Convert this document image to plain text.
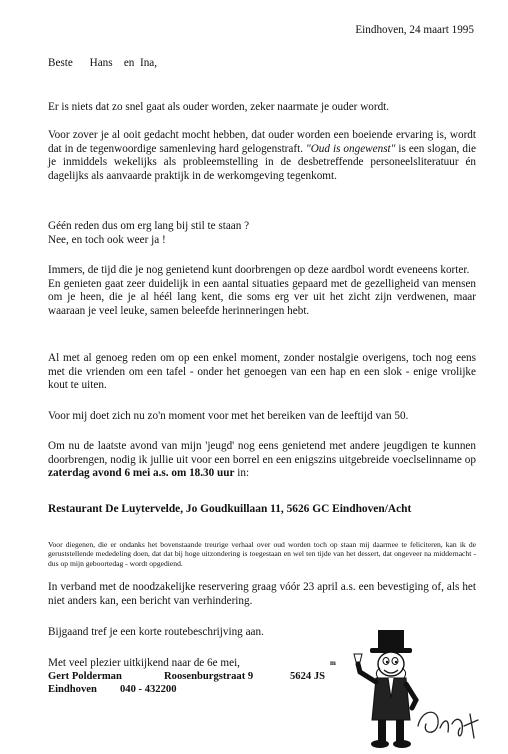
Eindhoven, 24 maart 1995
Beste      Hans    en  Ina,

Er is niets dat zo snel gaat als ouder worden, zeker naarmate je ouder wordt.

Voor zover je al ooit gedacht mocht hebben, dat ouder worden een boeiende ervaring is, wordt dat in de tegenwoordige samenleving hard gelogenstraft. "Oud is ongewenst" is een slogan, die je inmiddels wekelijks als probleemstelling in de desbetreffende personeelsliteratuur én dagelijks als aanvaarde praktijk in de werkomgeving tegenkomt.

Géén reden dus om erg lang bij stil te staan ?
Nee, en toch ook weer ja !

Immers, de tijd die je nog genietend kunt doorbrengen op deze aardbol wordt eveneens korter.
En genieten gaat zeer duidelijk in een aantal situaties gepaard met de gezelligheid van mensen om je heen, die je al héél lang kent, die soms erg ver uit het zicht zijn verdwenen, maar waaraan je veel leuke, samen beleefde herinneringen hebt.

Al met al genoeg reden om op een enkel moment, zonder nostalgie overigens, toch nog eens met die vrienden om een tafel - onder het genoegen van een hap en een slok - enige vrolijke kout te uiten.

Voor mij doet zich nu zo'n moment voor met het bereiken van de leeftijd van 50.

Om nu de laatste avond van mijn 'jeugd' nog eens genietend met andere jeugdigen te kunnen doorbrengen, nodig ik jullie uit voor een borrel en een enigszins uitgebreide voeclselinname op zaterdag avond 6 mei a.s. om 18.30 uur in:

Restaurant De Luytervelde, Jo Goudkuillaan 11, 5626 GC Eindhoven/Acht

Voor diegenen, die er ondanks het bovenstaande treurige verhaal over oud worden toch op staan mij daarmee te feliciteren, kan ik de geruststellende mededeling doen, dat dat bij hoge uitzondering is toegestaan en wel ten tijde van het dessert, dat ongeveer na middernacht - dus op mijn geboortedag - wordt opgediend.

In verband met de noodzakelijke reservering graag vóór 23 april a.s. een bevestiging of, als het niet anders kan, een bericht van verhindering.

Bijgaand tref je een korte routebeschrijving aan.

Met veel plezier uitkijkend naar de 6e mei,	m
Gert Polderman	Roosenburgstraat 9	5624 JS
Eindhoven 040 - 432200
